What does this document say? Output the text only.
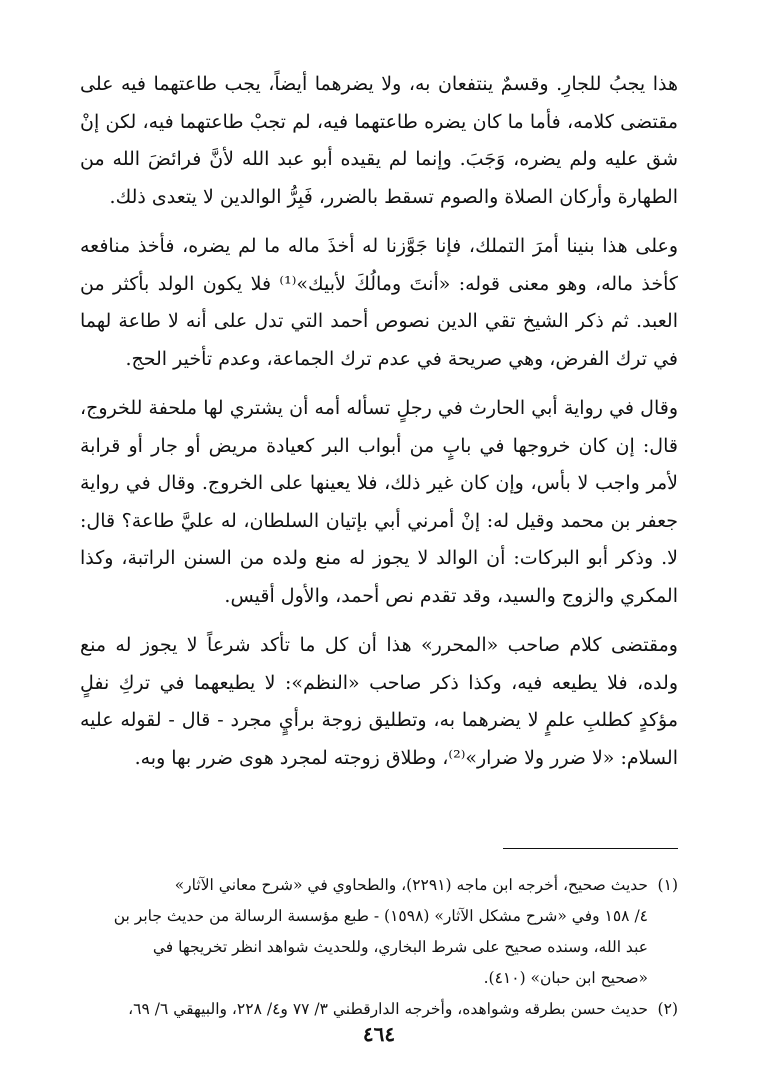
هذا يجبُ للجارِ. وقسمٌ ينتفعان به، ولا يضرهما أيضاً، يجب طاعتهما فيه على مقتضى كلامه، فأما ما كان يضره طاعتهما فيه، لم تجبْ طاعتهما فيه، لكن إنْ شق عليه ولم يضره، وَجَبَ. وإنما لم يقيده أبو عبد الله لأنَّ فرائضَ الله من الطهارة وأركان الصلاة والصوم تسقط بالضرر، فَبِرُّ الوالدين لا يتعدى ذلك.

وعلى هذا بنينا أمرَ التملك، فإنا جَوَّزنا له أخذَ ماله ما لم يضره، فأخذ منافعه كأخذ ماله، وهو معنى قوله: «أنتَ ومالُكَ لأبيك»⁽¹⁾ فلا يكون الولد بأكثر من العبد. ثم ذكر الشيخ تقي الدين نصوص أحمد التي تدل على أنه لا طاعة لهما في ترك الفرض، وهي صريحة في عدم ترك الجماعة، وعدم تأخير الحج.

وقال في رواية أبي الحارث في رجلٍ تسأله أمه أن يشتري لها ملحفة للخروج، قال: إن كان خروجها في بابٍ من أبواب البر كعيادة مريض أو جار أو قرابة لأمر واجب لا بأس، وإن كان غير ذلك، فلا يعينها على الخروج. وقال في رواية جعفر بن محمد وقيل له: إنْ أمرني أبي بإتيان السلطان، له عليَّ طاعة؟ قال: لا. وذكر أبو البركات: أن الوالد لا يجوز له منع ولده من السنن الراتبة، وكذا المكري والزوج والسيد، وقد تقدم نص أحمد، والأول أقيس.

ومقتضى كلام صاحب «المحرر» هذا أن كل ما تأكد شرعاً لا يجوز له منع ولده، فلا يطيعه فيه، وكذا ذكر صاحب «النظم»: لا يطيعهما في تركِ نفلٍ مؤكدٍ كطلبِ علمٍ لا يضرهما به، وتطليق زوجة برأيٍ مجرد - قال - لقوله عليه السلام: «لا ضرر ولا ضرار»⁽²⁾، وطلاق زوجته لمجرد هوى ضرر بها وبه.

(١)
حديث صحيح، أخرجه ابن ماجه (٢٢٩١)، والطحاوي في «شرح معاني الآثار»
٤/ ١٥٨ وفي «شرح مشكل الآثار» (١٥٩٨) - طبع مؤسسة الرسالة من حديث جابر بن
عبد الله، وسنده صحيح على شرط البخاري، وللحديث شواهد انظر تخريجها في
«صحيح ابن حبان» (٤١٠).
(٢)
حديث حسن بطرقه وشواهده، وأخرجه الدارقطني ٣/ ٧٧ و٤/ ٢٢٨، والبيهقي ٦/ ٦٩،
٤٦٤
